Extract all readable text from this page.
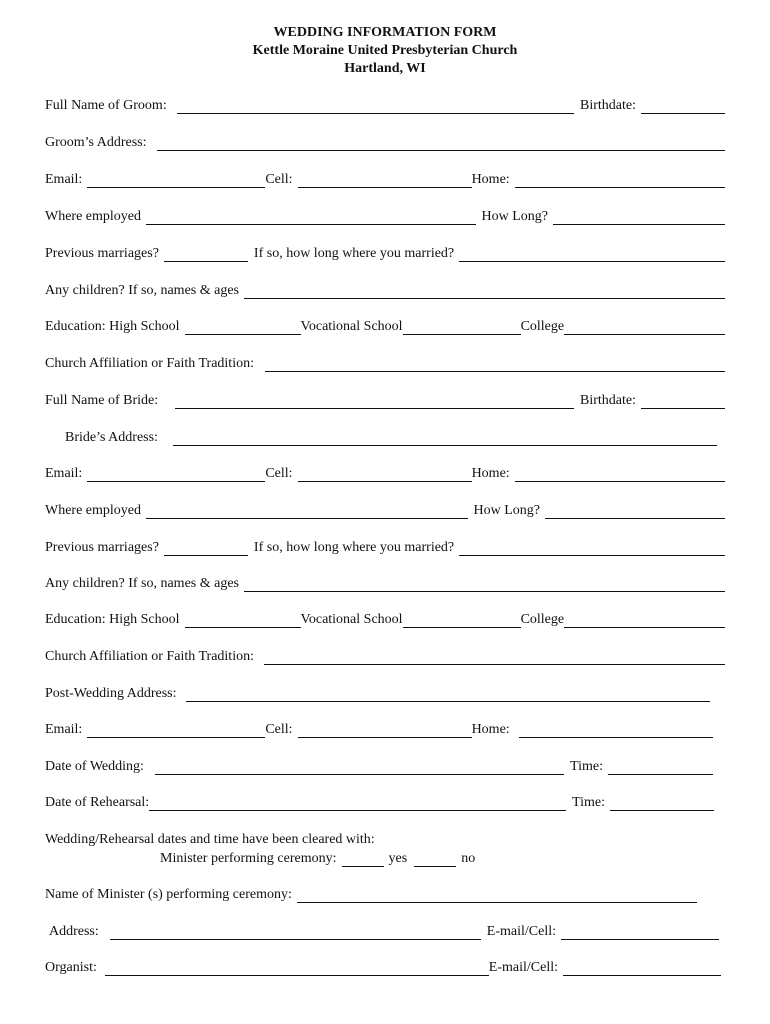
WEDDING INFORMATION FORM
Kettle Moraine United Presbyterian Church
Hartland, WI
Full Name of Groom:	Birthdate:
Groom’s Address:
Email:	Cell:	Home:
Where employed	How Long?
Previous marriages?	If so, how long where you married?
Any children? If so, names & ages
Education: High School	Vocational School	College
Church Affiliation or Faith Tradition:
Full Name of Bride:	Birthdate:
Bride’s Address:
Email:	Cell:	Home:
Where employed	How Long?
Previous marriages?	If so, how long where you married?
Any children? If so, names & ages
Education: High School	Vocational School	College
Church Affiliation or Faith Tradition:
Post-Wedding Address:
Email:	Cell:	Home:
Date of Wedding:	Time:
Date of Rehearsal:	Time:
Wedding/Rehearsal dates and time have been cleared with:
Minister performing ceremony:	yes	no
Name of Minister (s) performing ceremony:
Address:	E-mail/Cell:
Organist:	E-mail/Cell:
